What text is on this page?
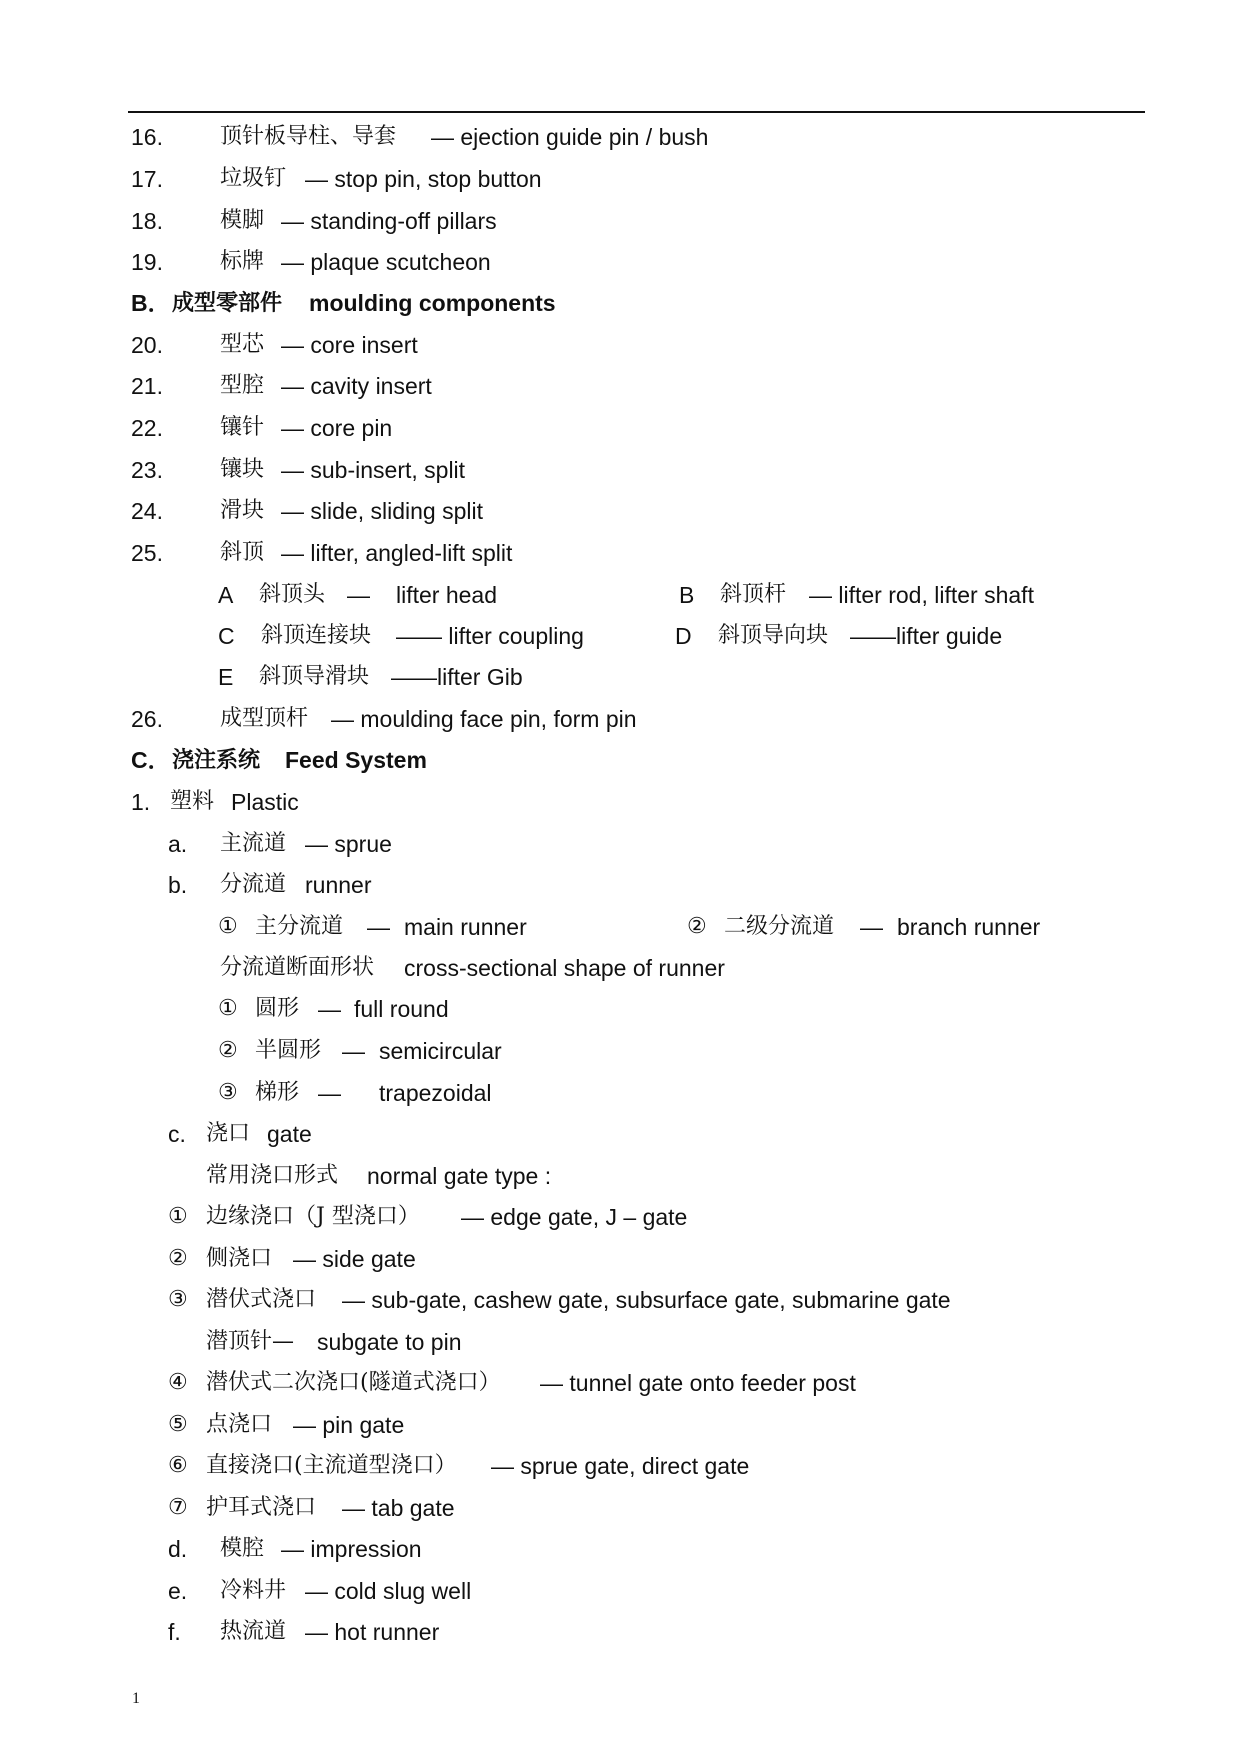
16.	顶针板导柱、导套 — ejection guide pin / bush
17.	垃圾钉 — stop pin, stop button
18.	模脚 — standing-off pillars
19.	标牌 — plaque scutcheon
B． 成型零部件 moulding components
20.	型芯 — core insert
21.	型腔 — cavity insert
22.	镶针 — core pin
23.	镶块 — sub-insert, split
24.	滑块 — slide, sliding split
25.	斜顶 — lifter, angled-lift split
A 斜顶头 — lifter head	B 斜顶杆 — lifter rod, lifter shaft
C 斜顶连接块 —— lifter coupling	D 斜顶导向块 ——lifter guide
E 斜顶导滑块 ——lifter Gib
26.	成型顶杆 — moulding face pin, form pin
C． 浇注系统 Feed System
1. 塑料 Plastic
a. 主流道 — sprue
b. 分流道 runner
① 主分流道 — main runner	② 二级分流道 — branch runner
分流道断面形状 cross-sectional shape of runner
① 圆形 — full round
② 半圆形 — semicircular
③ 梯形 — trapezoidal
c. 浇口 gate
常用浇口形式 normal gate type :
① 边缘浇口（J 型浇口） — edge gate, J – gate
② 侧浇口 — side gate
③ 潜伏式浇口 — sub-gate, cashew gate, subsurface gate, submarine gate
潜顶针— subgate to pin
④ 潜伏式二次浇口(隧道式浇口） — tunnel gate onto feeder post
⑤ 点浇口 — pin gate
⑥ 直接浇口(主流道型浇口） — sprue gate, direct gate
⑦ 护耳式浇口 — tab gate
d. 模腔 — impression
e. 冷料井 — cold slug well
f. 热流道 — hot runner
1
